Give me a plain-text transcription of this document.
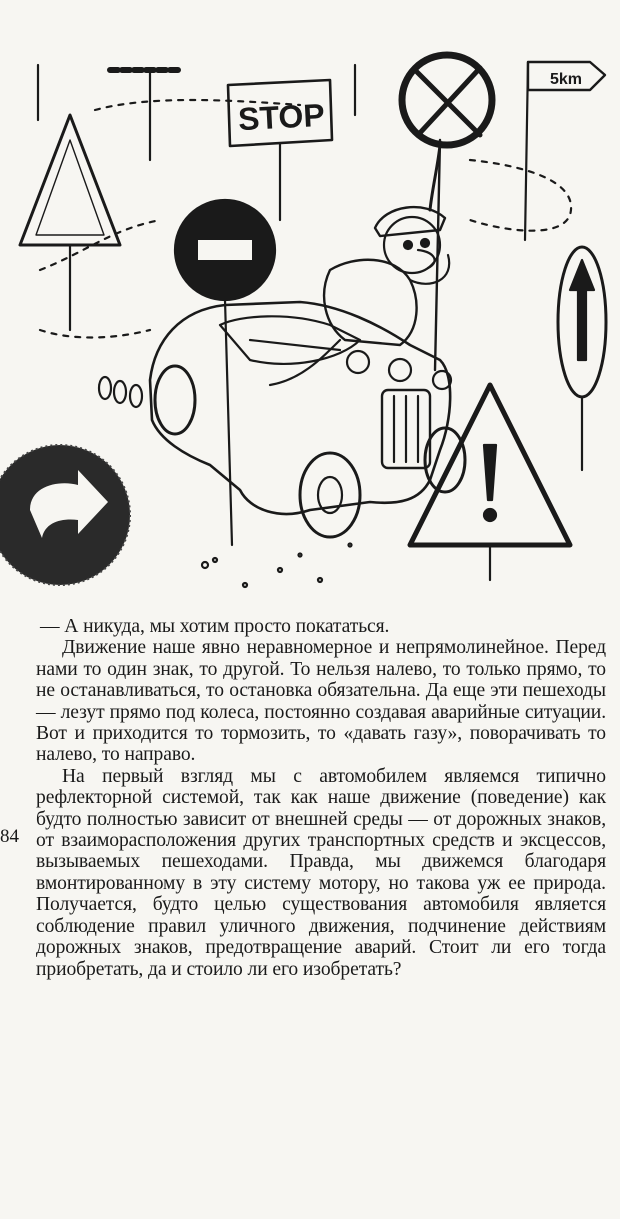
STOP
5km

— А никуда, мы хотим просто покататься.

Движение наше явно неравномерное и непрямолинейное. Перед нами то один знак, то другой. То нельзя налево, то только прямо, то не останавливаться, то остановка обязательна. Да еще эти пешеходы — лезут прямо под колеса, постоянно создавая аварийные ситуации. Вот и приходится то тормозить, то «давать газу», поворачивать то налево, то направо.

На первый взгляд мы с автомобилем являемся типично рефлекторной системой, так как наше движение (поведение) как будто полностью зависит от внешней среды — от дорожных знаков, от взаиморасположения других транспортных средств и эксцессов, вызываемых пешеходами. Правда, мы движемся благодаря вмонтированному в эту систему мотору, но такова уж ее природа. Получается, будто целью существования автомобиля является соблюдение правил уличного движения, подчинение действиям дорожных знаков, предотвращение аварий. Стоит ли его тогда приобретать, да и стоило ли его изобретать?

84
